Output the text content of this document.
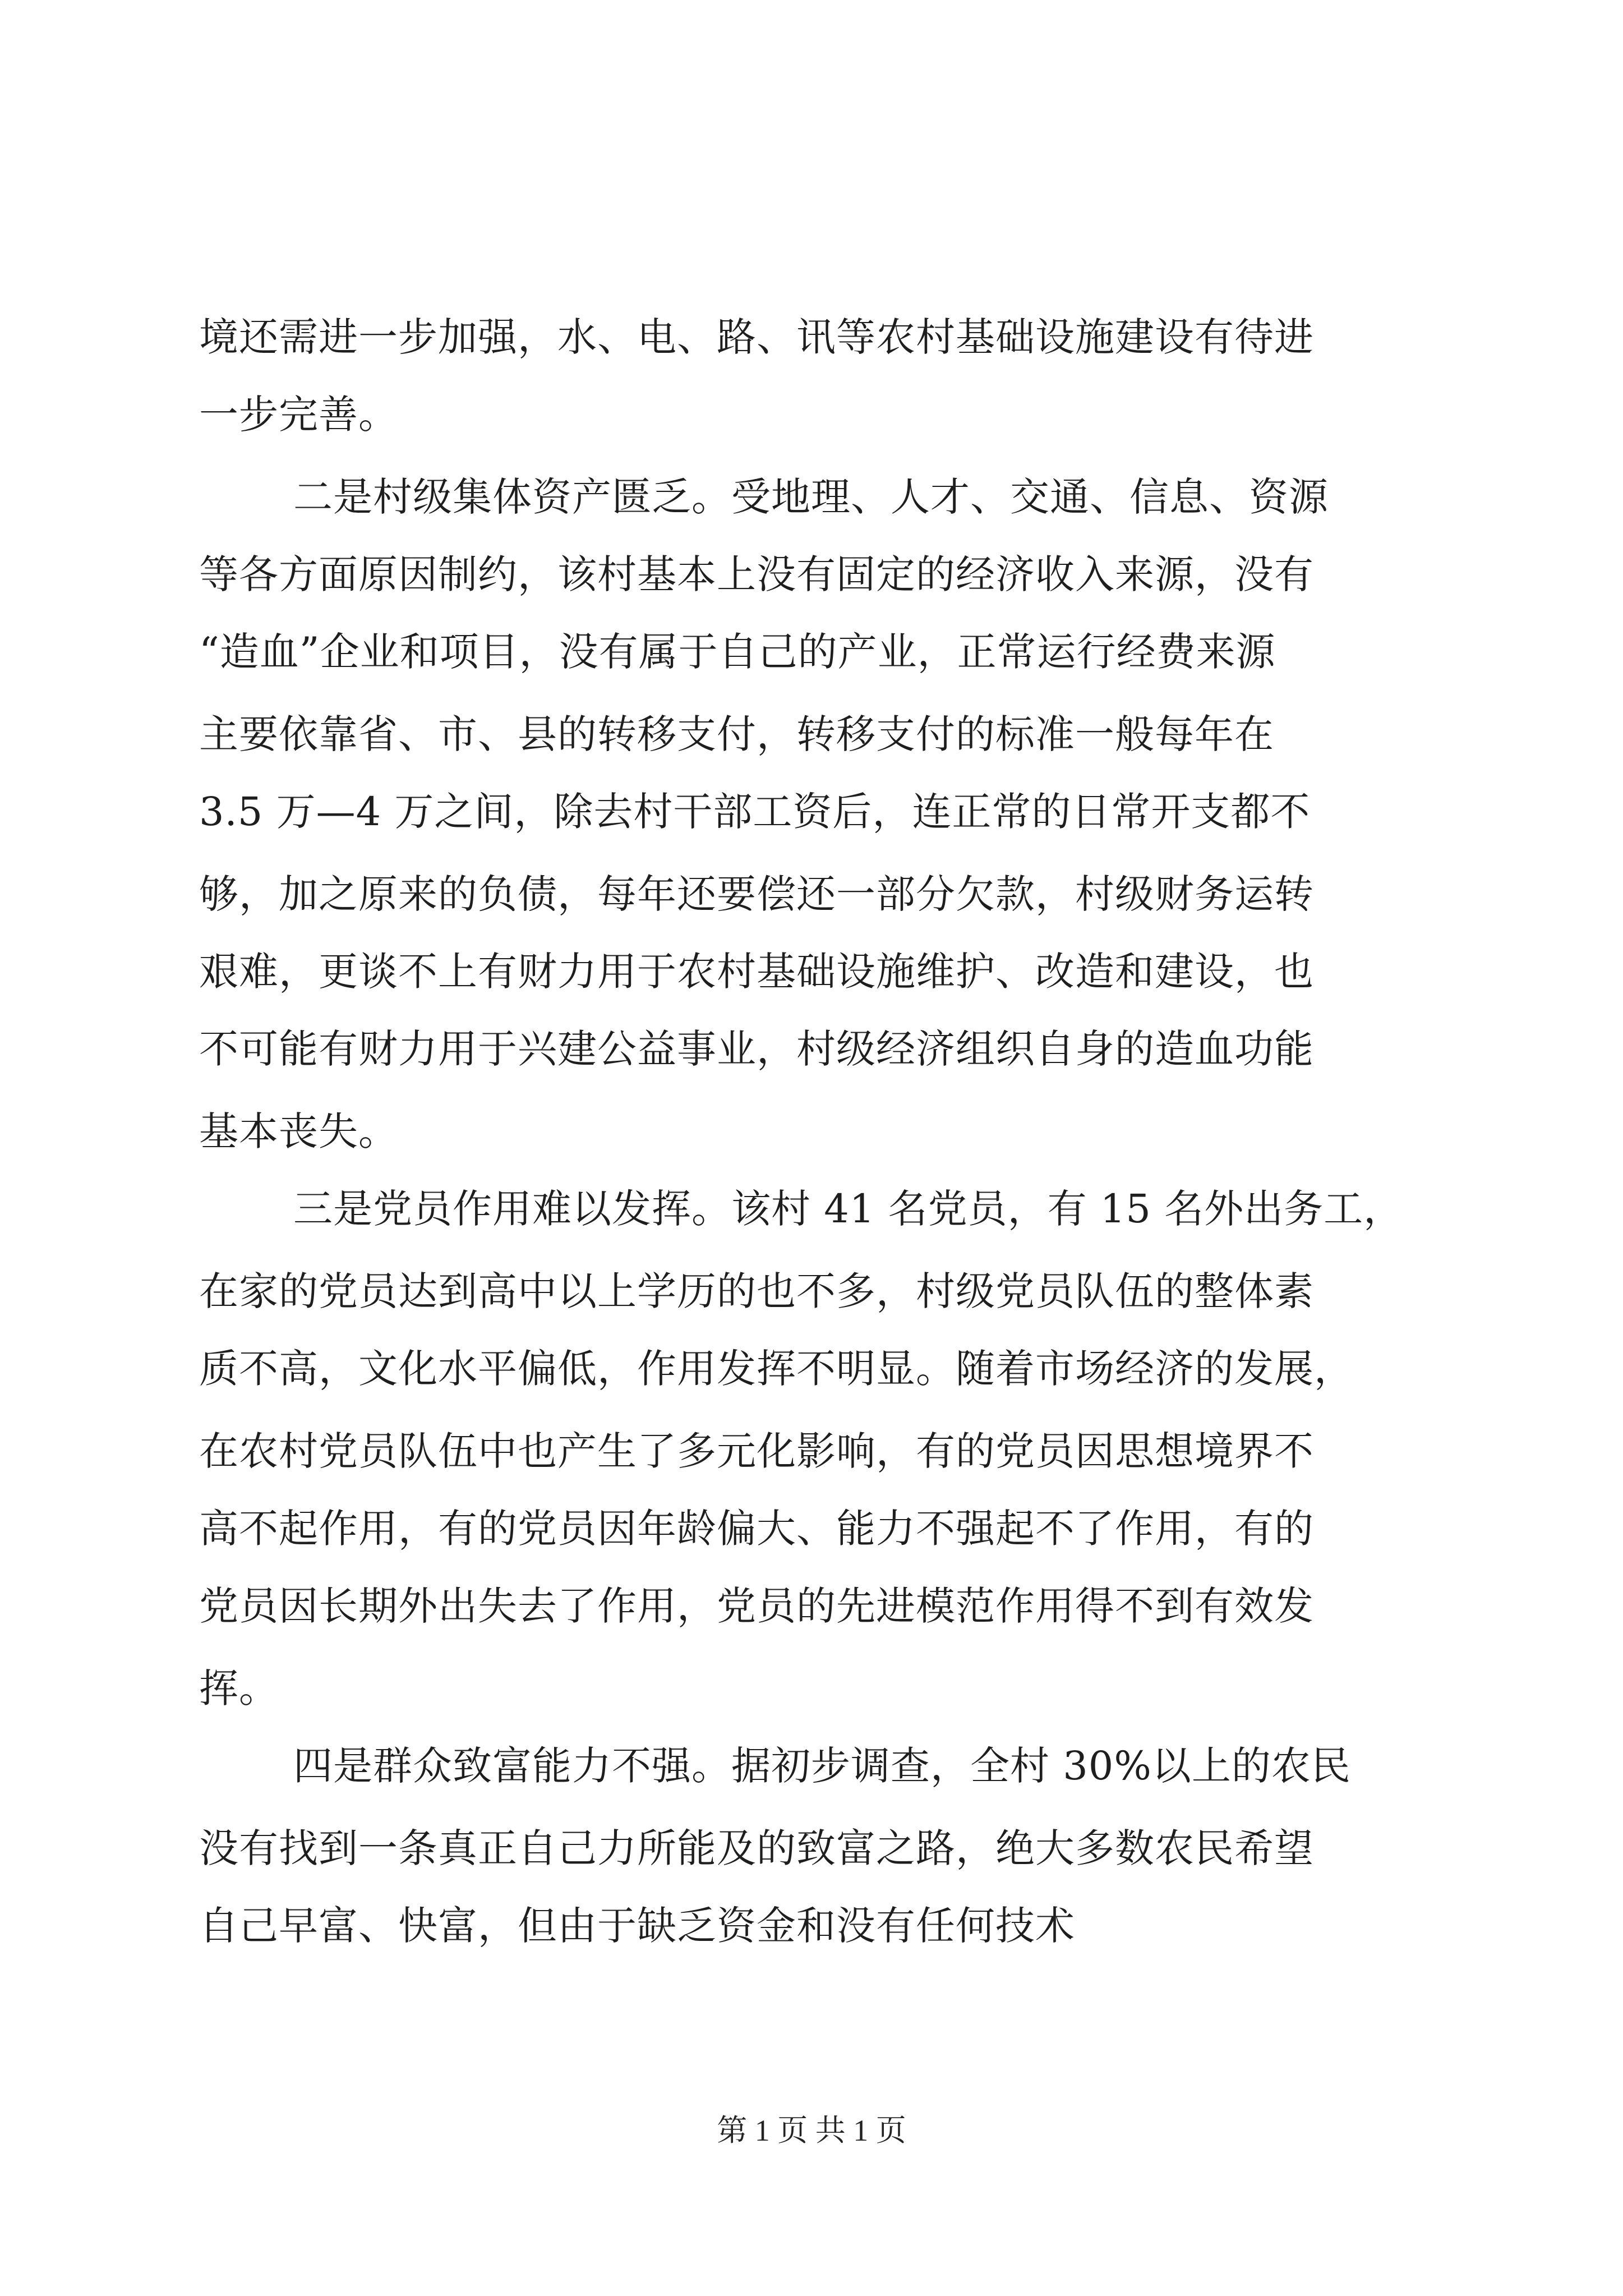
境还需进一步加强，水、电、路、讯等农村基础设施建设有待进
一步完善。
二是村级集体资产匮乏。受地理、人才、交通、信息、资源
等各方面原因制约，该村基本上没有固定的经济收入来源，没有
“造血”企业和项目，没有属于自己的产业，正常运行经费来源
主要依靠省、市、县的转移支付，转移支付的标准一般每年在
3.5 万—4 万之间，除去村干部工资后，连正常的日常开支都不
够，加之原来的负债，每年还要偿还一部分欠款，村级财务运转
艰难，更谈不上有财力用于农村基础设施维护、改造和建设，也
不可能有财力用于兴建公益事业，村级经济组织自身的造血功能
基本丧失。
三是党员作用难以发挥。该村 41 名党员，有 15 名外出务工，
在家的党员达到高中以上学历的也不多，村级党员队伍的整体素
质不高，文化水平偏低，作用发挥不明显。随着市场经济的发展，
在农村党员队伍中也产生了多元化影响，有的党员因思想境界不
高不起作用，有的党员因年龄偏大、能力不强起不了作用，有的
党员因长期外出失去了作用，党员的先进模范作用得不到有效发
挥。
四是群众致富能力不强。据初步调查，全村 30%以上的农民
没有找到一条真正自己力所能及的致富之路，绝大多数农民希望
自己早富、快富，但由于缺乏资金和没有任何技术
第 1 页 共 1 页
